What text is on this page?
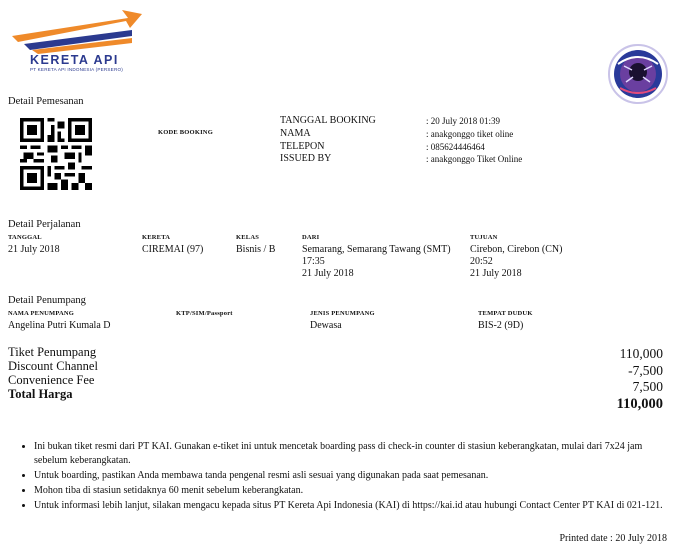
KERETA API
PT KERETA API INDONESIA (PERSERO)
Detail Pemesanan
KODE BOOKING
TANGGAL BOOKING
NAMA
TELEPON
ISSUED BY
: 20 July 2018 01:39
: anakgonggo tiket oline
: 085624446464
: anakgonggo Tiket Online
Detail Perjalanan
TANGGAL
21 July 2018
KERETA
CIREMAI (97)
KELAS
Bisnis / B
DARI
Semarang, Semarang Tawang (SMT)
17:35
21 July 2018
TUJUAN
Cirebon, Cirebon (CN)
20:52
21 July 2018
Detail Penumpang
NAMA PENUMPANG
Angelina Putri Kumala D
KTP/SIM/Passport	JENIS PENUMPANG
Dewasa
TEMPAT DUDUK
BIS-2 (9D)
Tiket Penumpang
Discount Channel
Convenience Fee
Total Harga
110,000
-7,500
7,500
110,000
• Ini bukan tiket resmi dari PT KAI. Gunakan e-tiket ini untuk mencetak boarding pass di check-in counter di stasiun keberangkatan, mulai dari 7x24 jam sebelum keberangkatan.
• Untuk boarding, pastikan Anda membawa tanda pengenal resmi asli sesuai yang digunakan pada saat pemesanan.
• Mohon tiba di stasiun setidaknya 60 menit sebelum keberangkatan.
• Untuk informasi lebih lanjut, silakan mengacu kepada situs PT Kereta Api Indonesia (KAI) di https://kai.id atau hubungi Contact Center PT KAI di 021-121.
Printed date : 20 July 2018
